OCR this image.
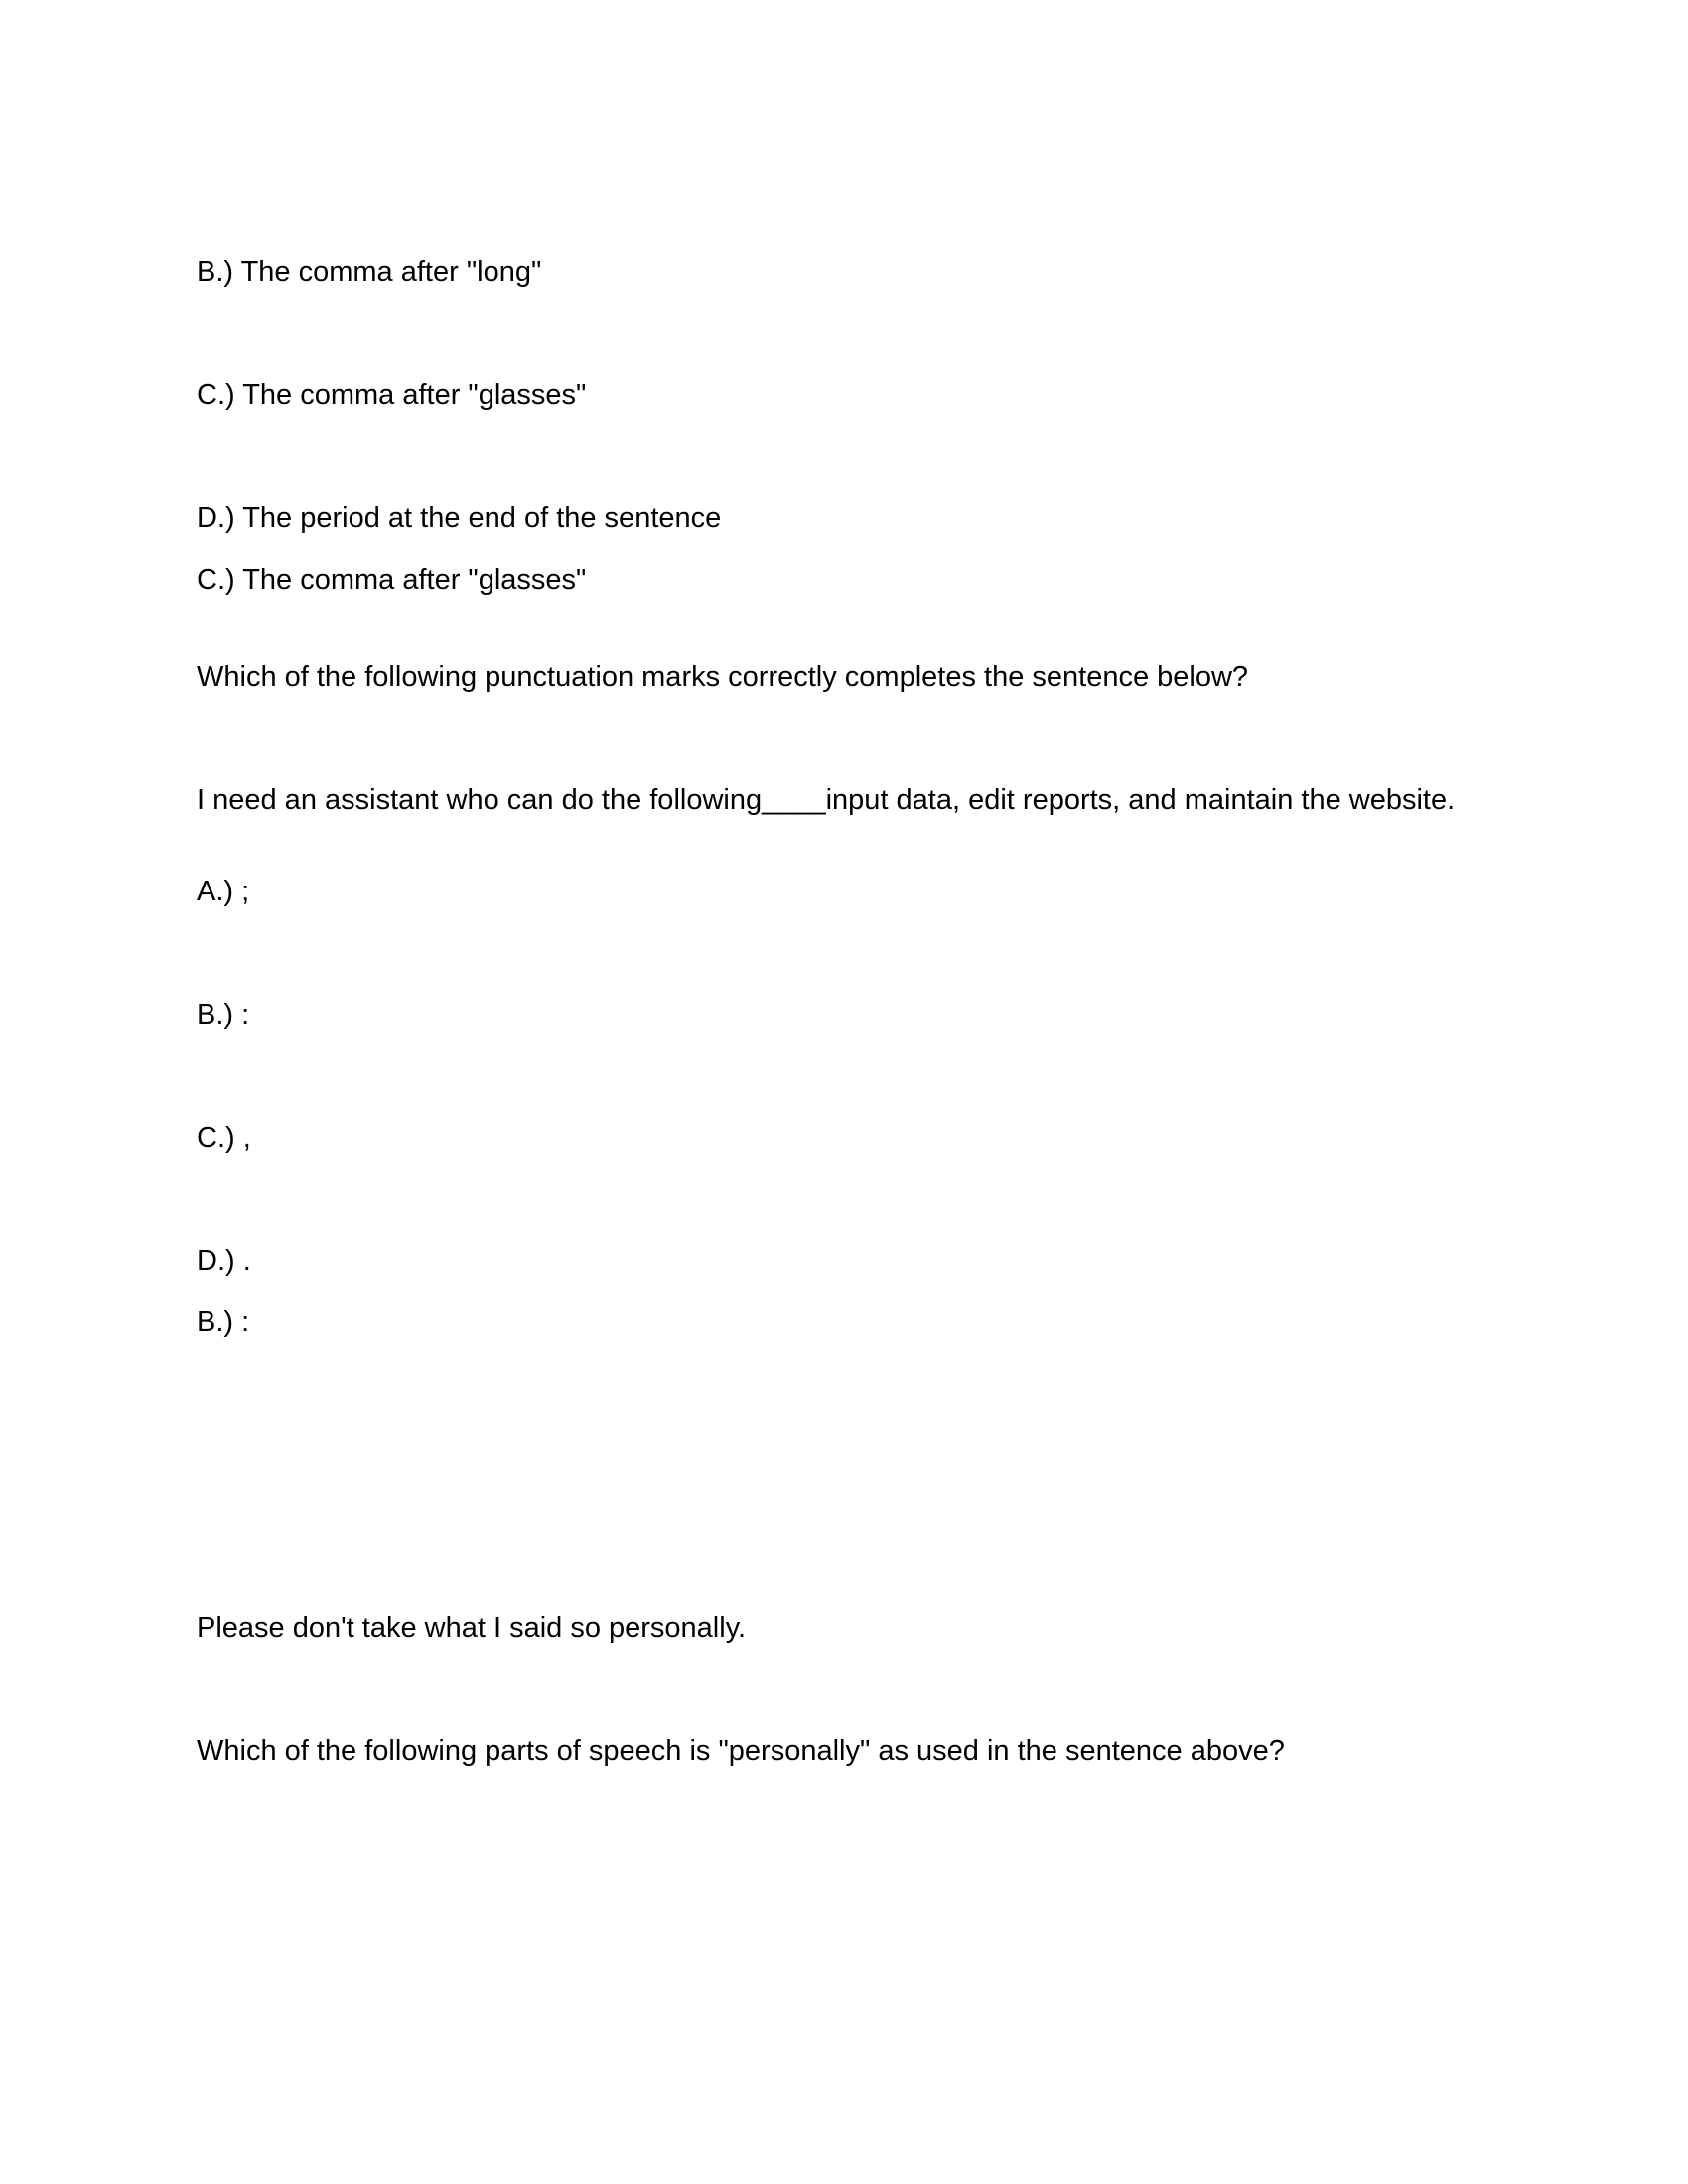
B.) The comma after "long"
C.) The comma after "glasses"
D.) The period at the end of the sentence
C.) The comma after "glasses"
Which of the following punctuation marks correctly completes the sentence below?
I need an assistant who can do the following____input data, edit reports, and maintain the website.
A.) ;
B.) :
C.) ,
D.) .
B.) :
Please don't take what I said so personally.
Which of the following parts of speech is "personally" as used in the sentence above?
